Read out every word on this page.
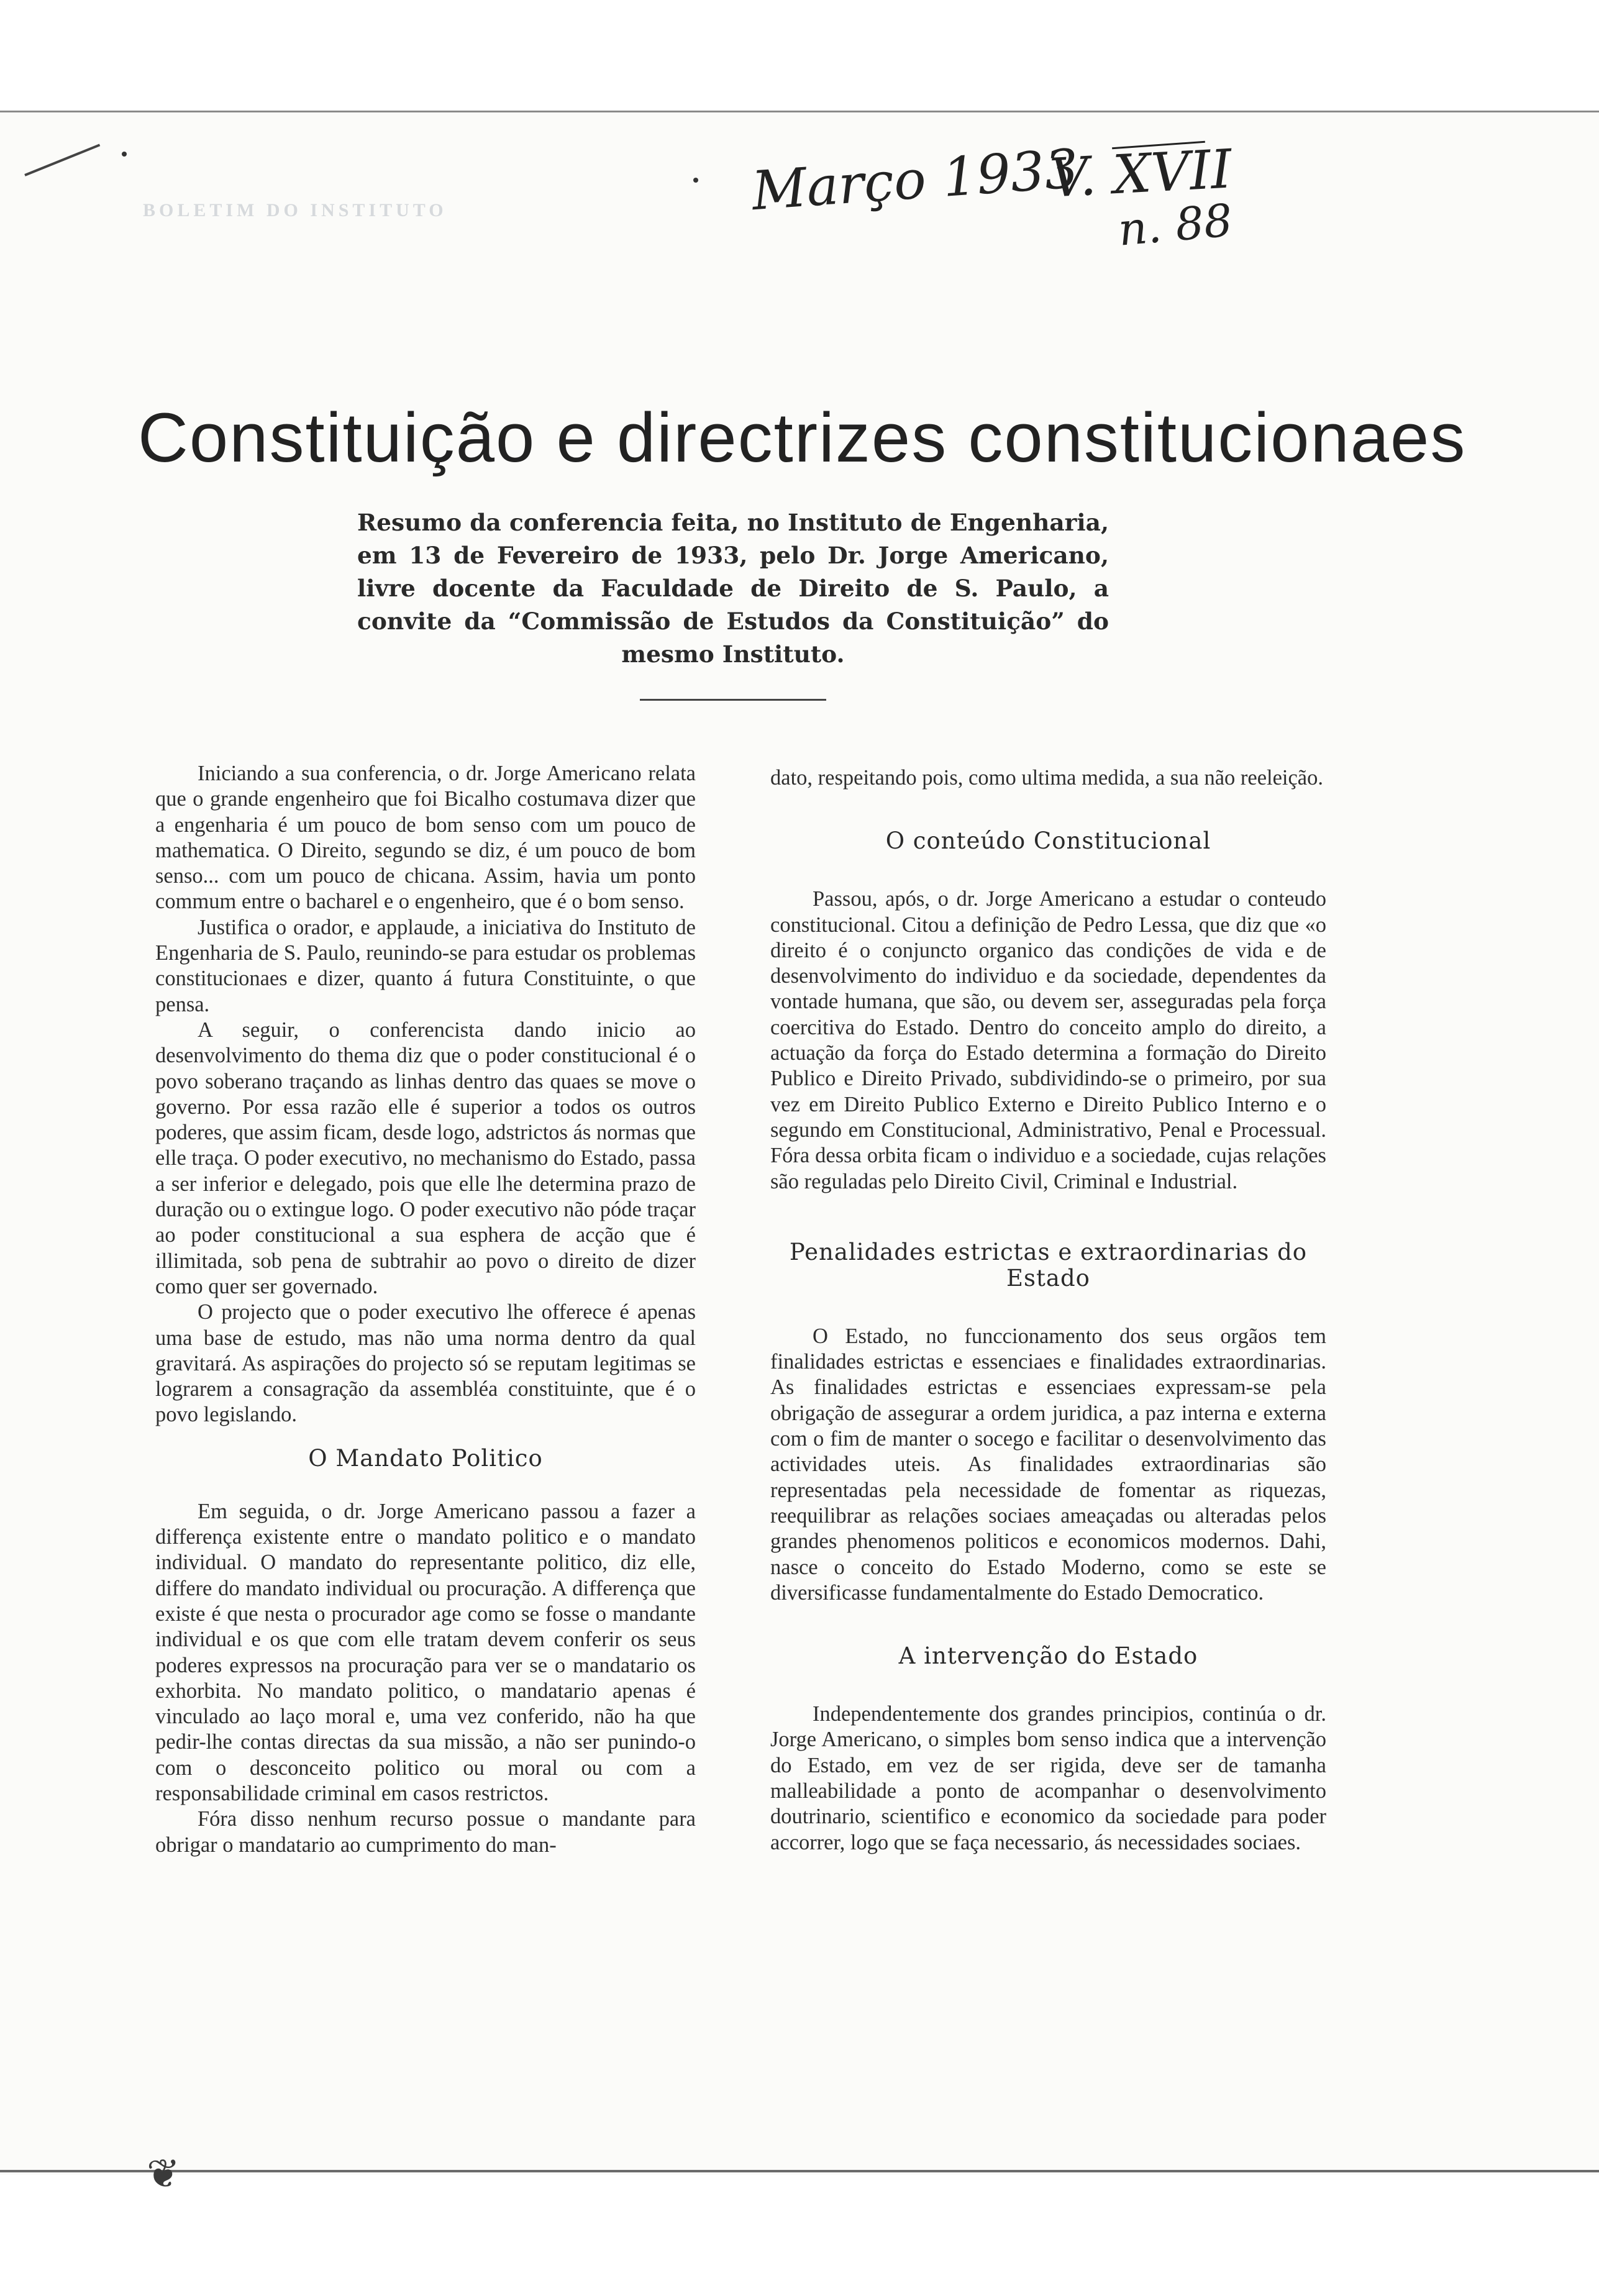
BOLETIM DO INSTITUTO	Março 1933
V. XVII
n. 88
Constituição e directrizes constitucionaes

Resumo da conferencia feita, no Instituto de Engenharia, em 13 de Fevereiro de 1933, pelo Dr. Jorge Americano, livre docente da Faculdade de Direito de S. Paulo, a convite da “Commissão de Estudos da Constituição” do mesmo Instituto.

Iniciando a sua conferencia, o dr. Jorge Americano relata que o grande engenheiro que foi Bicalho costumava dizer que a engenharia é um pouco de bom senso com um pouco de mathematica. O Direito, segundo se diz, é um pouco de bom senso... com um pouco de chicana. Assim, havia um ponto commum entre o bacharel e o engenheiro, que é o bom senso.

Justifica o orador, e applaude, a iniciativa do Instituto de Engenharia de S. Paulo, reunindo-se para estudar os problemas constitucionaes e dizer, quanto á futura Constituinte, o que pensa.

A seguir, o conferencista dando inicio ao desenvolvimento do thema diz que o poder constitucional é o povo soberano traçando as linhas dentro das quaes se move o governo. Por essa razão elle é superior a todos os outros poderes, que assim ficam, desde logo, adstrictos ás normas que elle traça. O poder executivo, no mechanismo do Estado, passa a ser inferior e delegado, pois que elle lhe determina prazo de duração ou o extingue logo. O poder executivo não póde traçar ao poder constitucional a sua esphera de acção que é illimitada, sob pena de subtrahir ao povo o direito de dizer como quer ser governado.

O projecto que o poder executivo lhe offerece é apenas uma base de estudo, mas não uma norma dentro da qual gravitará. As aspirações do projecto só se reputam legitimas se lograrem a consagração da assembléa constituinte, que é o povo legislando.

O Mandato Politico

Em seguida, o dr. Jorge Americano passou a fazer a differença existente entre o mandato politico e o mandato individual. O mandato do representante politico, diz elle, differe do mandato individual ou procuração. A differença que existe é que nesta o procurador age como se fosse o mandante individual e os que com elle tratam devem conferir os seus poderes expressos na procuração para ver se o mandatario os exhorbita. No mandato politico, o mandatario apenas é vinculado ao laço moral e, uma vez conferido, não ha que pedir-lhe contas directas da sua missão, a não ser punindo-o com o desconceito politico ou moral ou com a responsabilidade criminal em casos restrictos.

Fóra disso nenhum recurso possue o mandante para obrigar o mandatario ao cumprimento do man-

dato, respeitando pois, como ultima medida, a sua não reeleição.

O conteúdo Constitucional

Passou, após, o dr. Jorge Americano a estudar o conteudo constitucional. Citou a definição de Pedro Lessa, que diz que «o direito é o conjuncto organico das condições de vida e de desenvolvimento do individuo e da sociedade, dependentes da vontade humana, que são, ou devem ser, asseguradas pela força coercitiva do Estado. Dentro do conceito amplo do direito, a actuação da força do Estado determina a formação do Direito Publico e Direito Privado, subdividindo-se o primeiro, por sua vez em Direito Publico Externo e Direito Publico Interno e o segundo em Constitucional, Administrativo, Penal e Processual. Fóra dessa orbita ficam o individuo e a sociedade, cujas relações são reguladas pelo Direito Civil, Criminal e Industrial.

Penalidades estrictas e extraordinarias do Estado

O Estado, no funccionamento dos seus orgãos tem finalidades estrictas e essenciaes e finalidades extraordinarias. As finalidades estrictas e essenciaes expressam-se pela obrigação de assegurar a ordem juridica, a paz interna e externa com o fim de manter o socego e facilitar o desenvolvimento das actividades uteis. As finalidades extraordinarias são representadas pela necessidade de fomentar as riquezas, reequilibrar as relações sociaes ameaçadas ou alteradas pelos grandes phenomenos politicos e economicos modernos. Dahi, nasce o conceito do Estado Moderno, como se este se diversificasse fundamentalmente do Estado Democratico.

A intervenção do Estado

Independentemente dos grandes principios, continúa o dr. Jorge Americano, o simples bom senso indica que a intervenção do Estado, em vez de ser rigida, deve ser de tamanha malleabilidade a ponto de acompanhar o desenvolvimento doutrinario, scientifico e economico da sociedade para poder accorrer, logo que se faça necessario, ás necessidades sociaes.

❦
